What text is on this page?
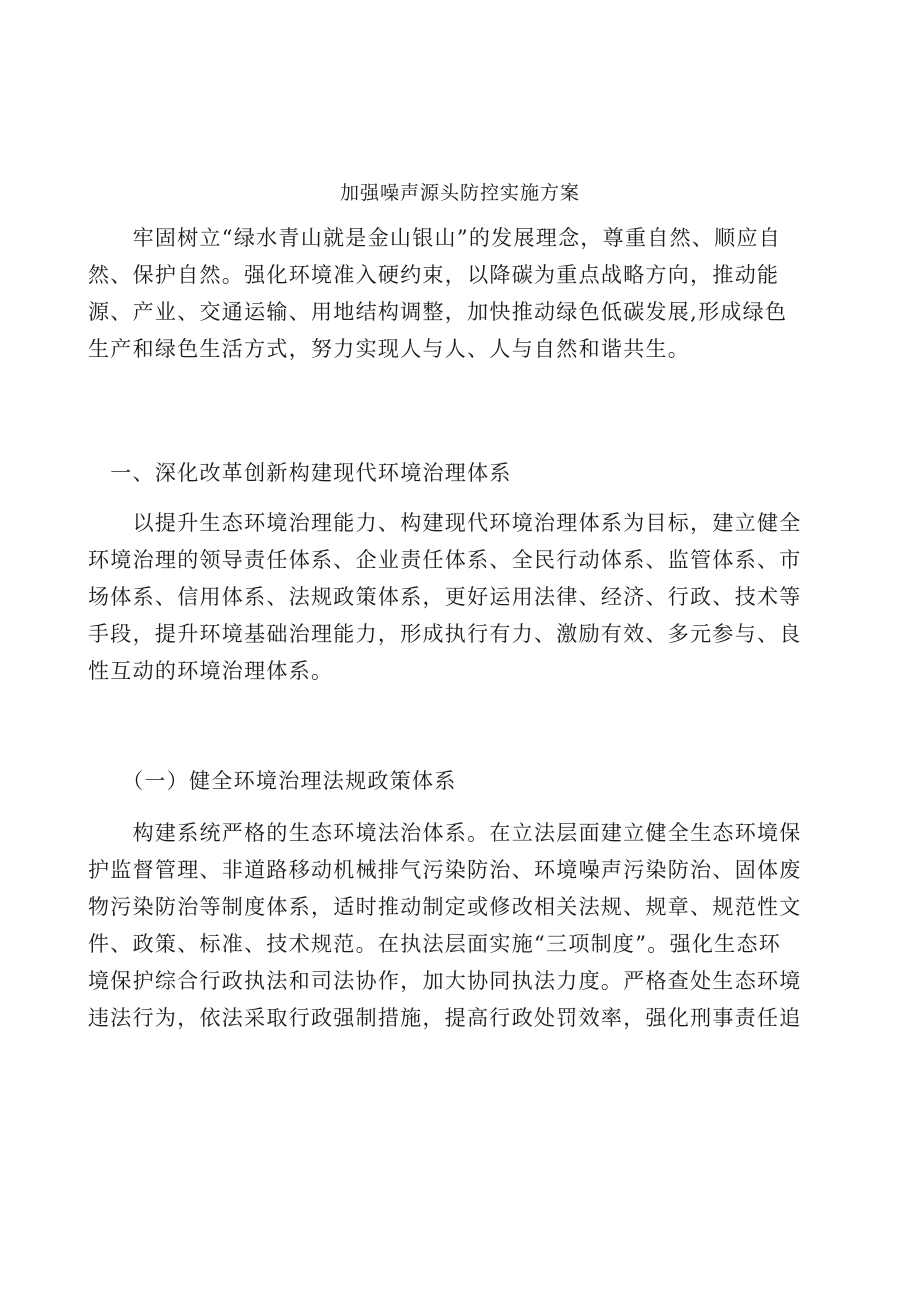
加强噪声源头防控实施方案
　　牢固树立“绿水青山就是金山银山”的发展理念，尊重自然、顺应自
然、保护自然。强化环境准入硬约束，以降碳为重点战略方向，推动能
源、产业、交通运输、用地结构调整，加快推动绿色低碳发展,形成绿色
生产和绿色生活方式，努力实现人与人、人与自然和谐共生。
　一、深化改革创新构建现代环境治理体系
　　以提升生态环境治理能力、构建现代环境治理体系为目标，建立健全
环境治理的领导责任体系、企业责任体系、全民行动体系、监管体系、市
场体系、信用体系、法规政策体系，更好运用法律、经济、行政、技术等
手段，提升环境基础治理能力，形成执行有力、激励有效、多元参与、良
性互动的环境治理体系。
　　（一）健全环境治理法规政策体系
　　构建系统严格的生态环境法治体系。在立法层面建立健全生态环境保
护监督管理、非道路移动机械排气污染防治、环境噪声污染防治、固体废
物污染防治等制度体系，适时推动制定或修改相关法规、规章、规范性文
件、政策、标准、技术规范。在执法层面实施“三项制度”。强化生态环
境保护综合行政执法和司法协作，加大协同执法力度。严格查处生态环境
违法行为，依法采取行政强制措施，提高行政处罚效率，强化刑事责任追
